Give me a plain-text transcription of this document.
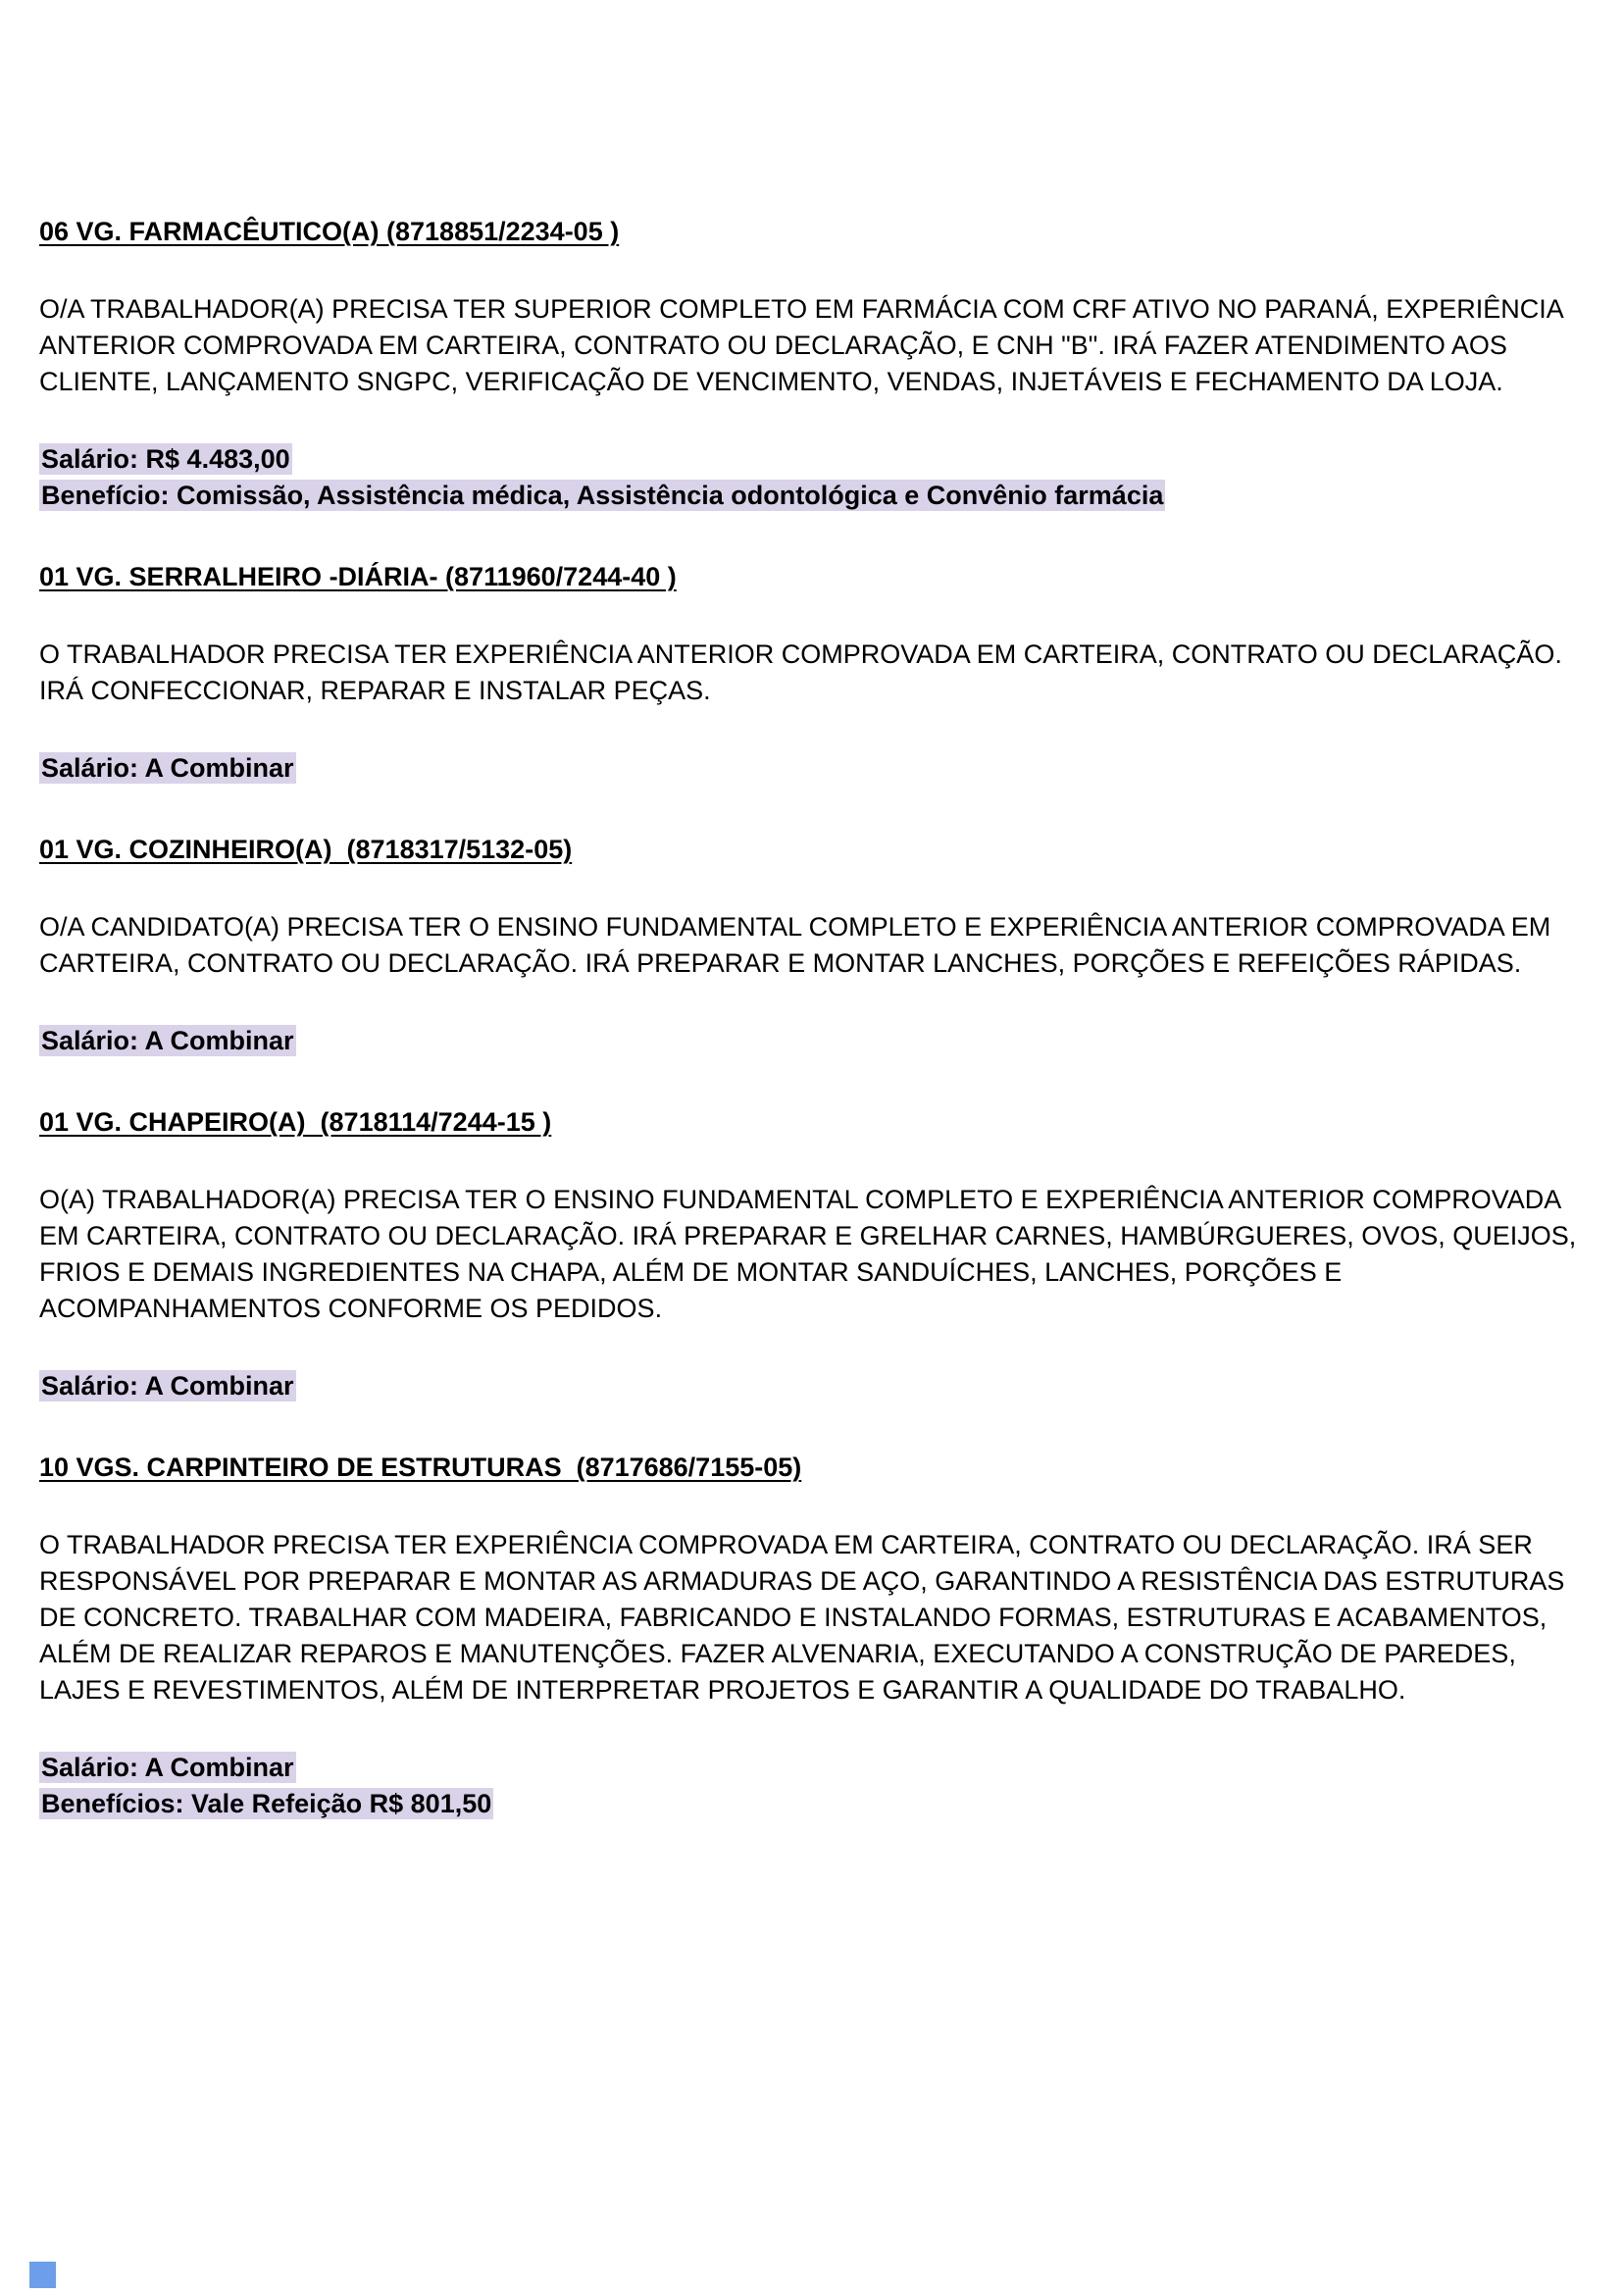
06 VG. FARMACÊUTICO(A) (8718851/2234-05 )

O/A TRABALHADOR(A) PRECISA TER SUPERIOR COMPLETO EM FARMÁCIA COM CRF ATIVO NO PARANÁ, EXPERIÊNCIA ANTERIOR COMPROVADA EM CARTEIRA, CONTRATO OU DECLARAÇÃO, E CNH "B". IRÁ FAZER ATENDIMENTO AOS CLIENTE, LANÇAMENTO SNGPC, VERIFICAÇÃO DE VENCIMENTO, VENDAS, INJETÁVEIS E FECHAMENTO DA LOJA.

Salário: R$ 4.483,00
Benefício: Comissão, Assistência médica, Assistência odontológica e Convênio farmácia
01 VG. SERRALHEIRO -DIÁRIA- (8711960/7244-40 )

O TRABALHADOR PRECISA TER EXPERIÊNCIA ANTERIOR COMPROVADA EM CARTEIRA, CONTRATO OU DECLARAÇÃO. IRÁ CONFECCIONAR, REPARAR E INSTALAR PEÇAS.

Salário: A Combinar
01 VG. COZINHEIRO(A)  (8718317/5132-05)

O/A CANDIDATO(A) PRECISA TER O ENSINO FUNDAMENTAL COMPLETO E EXPERIÊNCIA ANTERIOR COMPROVADA EM CARTEIRA, CONTRATO OU DECLARAÇÃO. IRÁ PREPARAR E MONTAR LANCHES, PORÇÕES E REFEIÇÕES RÁPIDAS.

Salário: A Combinar
01 VG. CHAPEIRO(A)  (8718114/7244-15 )

O(A) TRABALHADOR(A) PRECISA TER O ENSINO FUNDAMENTAL COMPLETO E EXPERIÊNCIA ANTERIOR COMPROVADA EM CARTEIRA, CONTRATO OU DECLARAÇÃO. IRÁ PREPARAR E GRELHAR CARNES, HAMBÚRGUERES, OVOS, QUEIJOS, FRIOS E DEMAIS INGREDIENTES NA CHAPA, ALÉM DE MONTAR SANDUÍCHES, LANCHES, PORÇÕES E ACOMPANHAMENTOS CONFORME OS PEDIDOS.

Salário: A Combinar
10 VGS. CARPINTEIRO DE ESTRUTURAS  (8717686/7155-05)

O TRABALHADOR PRECISA TER EXPERIÊNCIA COMPROVADA EM CARTEIRA, CONTRATO OU DECLARAÇÃO. IRÁ SER RESPONSÁVEL POR PREPARAR E MONTAR AS ARMADURAS DE AÇO, GARANTINDO A RESISTÊNCIA DAS ESTRUTURAS DE CONCRETO. TRABALHAR COM MADEIRA, FABRICANDO E INSTALANDO FORMAS, ESTRUTURAS E ACABAMENTOS, ALÉM DE REALIZAR REPAROS E MANUTENÇÕES. FAZER ALVENARIA, EXECUTANDO A CONSTRUÇÃO DE PAREDES, LAJES E REVESTIMENTOS, ALÉM DE INTERPRETAR PROJETOS E GARANTIR A QUALIDADE DO TRABALHO.

Salário: A Combinar
Benefícios: Vale Refeição R$ 801,50
